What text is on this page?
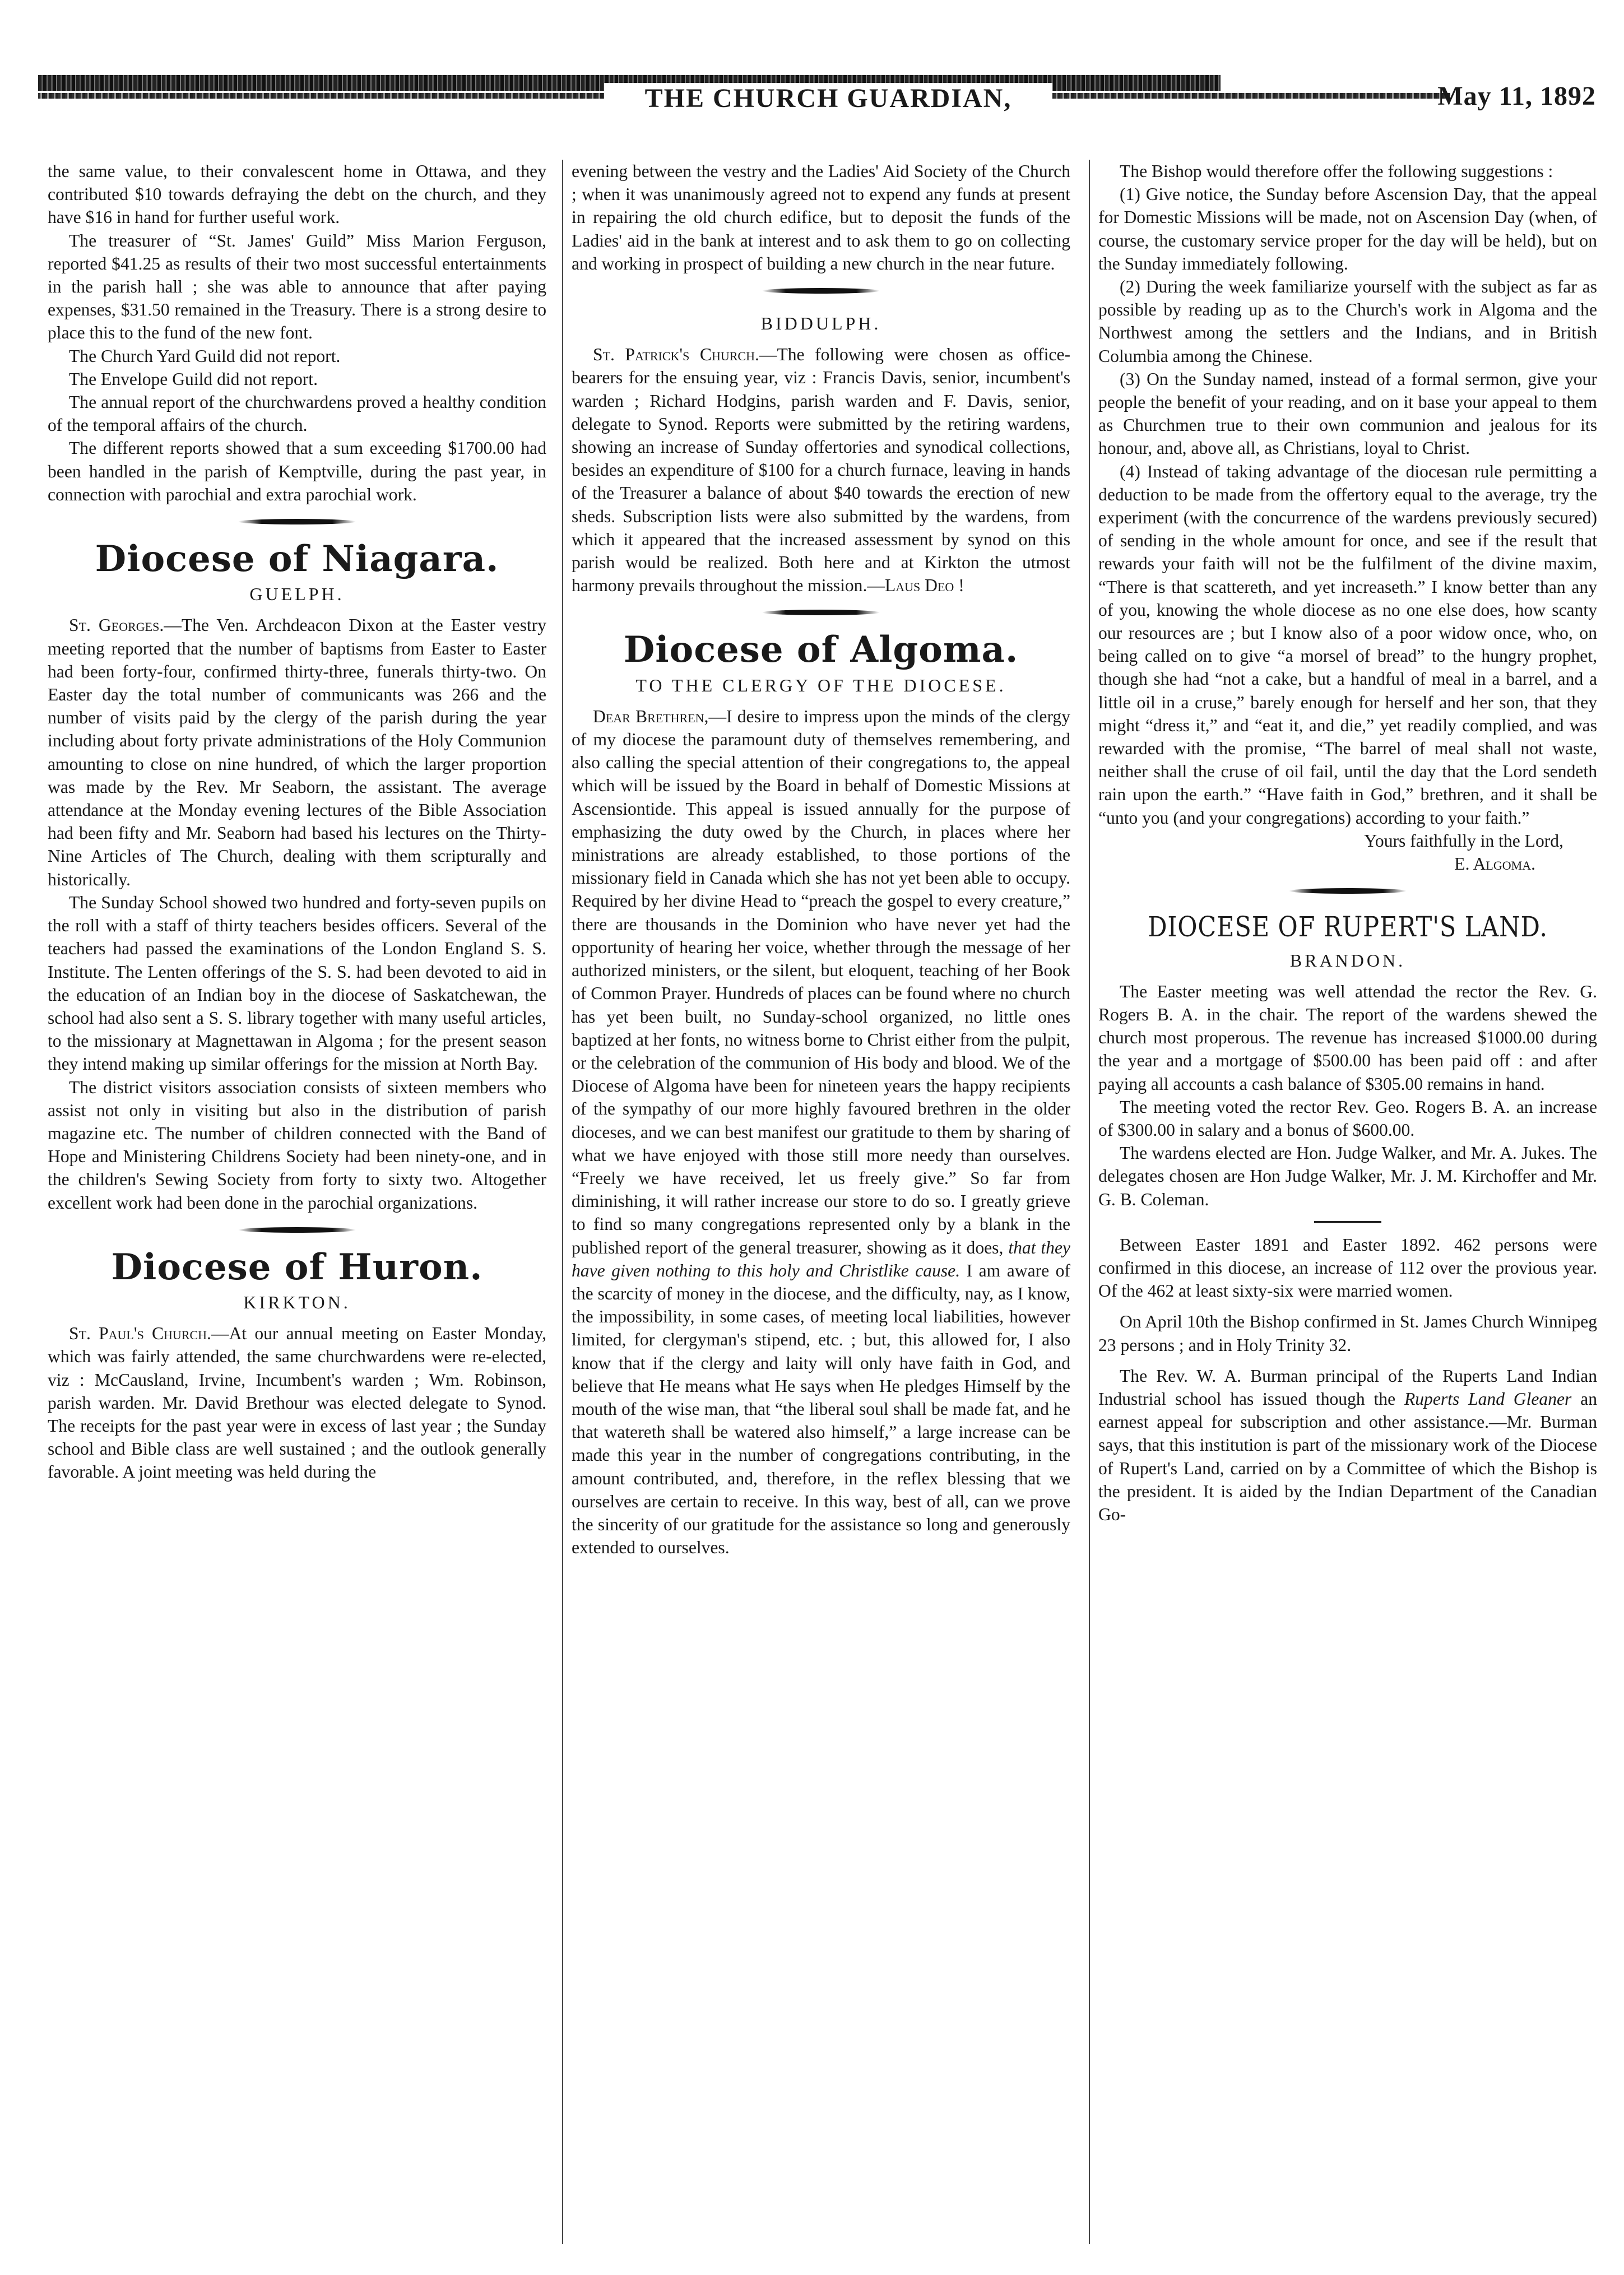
THE CHURCH GUARDIAN,	May 11, 1892

the same value, to their convalescent home in Ottawa, and they contributed $10 towards defraying the debt on the church, and they have $16 in hand for further useful work.

The treasurer of “St. James' Guild” Miss Marion Ferguson, reported $41.25 as results of their two most successful entertainments in the parish hall ; she was able to announce that after paying expenses, $31.50 remained in the Treasury. There is a strong desire to place this to the fund of the new font.

The Church Yard Guild did not report.

The Envelope Guild did not report.

The annual report of the churchwardens proved a healthy condition of the temporal affairs of the church.

The different reports showed that a sum exceeding $1700.00 had been handled in the parish of Kemptville, during the past year, in connection with parochial and extra parochial work.

Diocese of Niagara.
GUELPH.

St. Georges.—The Ven. Archdeacon Dixon at the Easter vestry meeting reported that the number of baptisms from Easter to Easter had been forty-four, confirmed thirty-three, funerals thirty-two. On Easter day the total number of communicants was 266 and the number of visits paid by the clergy of the parish during the year including about forty private administrations of the Holy Communion amounting to close on nine hundred, of which the larger proportion was made by the Rev. Mr Seaborn, the assistant. The average attendance at the Monday evening lectures of the Bible Association had been fifty and Mr. Seaborn had based his lectures on the Thirty-Nine Articles of The Church, dealing with them scripturally and historically.

The Sunday School showed two hundred and forty-seven pupils on the roll with a staff of thirty teachers besides officers. Several of the teachers had passed the examinations of the London England S. S. Institute. The Lenten offerings of the S. S. had been devoted to aid in the education of an Indian boy in the diocese of Saskatchewan, the school had also sent a S. S. library together with many useful articles, to the missionary at Magnettawan in Algoma ; for the present season they intend making up similar offerings for the mission at North Bay.

The district visitors association consists of sixteen members who assist not only in visiting but also in the distribution of parish magazine etc. The number of children connected with the Band of Hope and Ministering Childrens Society had been ninety-one, and in the children's Sewing Society from forty to sixty two. Altogether excellent work had been done in the parochial organizations.

Diocese of Huron.
KIRKTON.

St. Paul's Church.—At our annual meeting on Easter Monday, which was fairly attended, the same churchwardens were re-elected, viz : McCausland, Irvine, Incumbent's warden ; Wm. Robinson, parish warden. Mr. David Brethour was elected delegate to Synod. The receipts for the past year were in excess of last year ; the Sunday school and Bible class are well sustained ; and the outlook generally favorable. A joint meeting was held during the

evening between the vestry and the Ladies' Aid Society of the Church ; when it was unanimously agreed not to expend any funds at present in repairing the old church edifice, but to deposit the funds of the Ladies' aid in the bank at interest and to ask them to go on collecting and working in prospect of building a new church in the near future.

BIDDULPH.

St. Patrick's Church.—The following were chosen as office-bearers for the ensuing year, viz : Francis Davis, senior, incumbent's warden ; Richard Hodgins, parish warden and F. Davis, senior, delegate to Synod. Reports were submitted by the retiring wardens, showing an increase of Sunday offertories and synodical collections, besides an expenditure of $100 for a church furnace, leaving in hands of the Treasurer a balance of about $40 towards the erection of new sheds. Subscription lists were also submitted by the wardens, from which it appeared that the increased assessment by synod on this parish would be realized. Both here and at Kirkton the utmost harmony prevails throughout the mission.—Laus Deo !

Diocese of Algoma.
TO THE CLERGY OF THE DIOCESE.

Dear Brethren,—I desire to impress upon the minds of the clergy of my diocese the paramount duty of themselves remembering, and also calling the special attention of their congregations to, the appeal which will be issued by the Board in behalf of Domestic Missions at Ascensiontide. This appeal is issued annually for the purpose of emphasizing the duty owed by the Church, in places where her ministrations are already established, to those portions of the missionary field in Canada which she has not yet been able to occupy. Required by her divine Head to “preach the gospel to every creature,” there are thousands in the Dominion who have never yet had the opportunity of hearing her voice, whether through the message of her authorized ministers, or the silent, but eloquent, teaching of her Book of Common Prayer. Hundreds of places can be found where no church has yet been built, no Sunday-school organized, no little ones baptized at her fonts, no witness borne to Christ either from the pulpit, or the celebration of the communion of His body and blood. We of the Diocese of Algoma have been for nineteen years the happy recipients of the sympathy of our more highly favoured brethren in the older dioceses, and we can best manifest our gratitude to them by sharing of what we have enjoyed with those still more needy than ourselves. “Freely we have received, let us freely give.” So far from diminishing, it will rather increase our store to do so. I greatly grieve to find so many congregations represented only by a blank in the published report of the general treasurer, showing as it does, that they have given nothing to this holy and Christlike cause. I am aware of the scarcity of money in the diocese, and the difficulty, nay, as I know, the impossibility, in some cases, of meeting local liabilities, however limited, for clergyman's stipend, etc. ; but, this allowed for, I also know that if the clergy and laity will only have faith in God, and believe that He means what He says when He pledges Himself by the mouth of the wise man, that “the liberal soul shall be made fat, and he that watereth shall be watered also himself,” a large increase can be made this year in the number of congregations contributing, in the amount contributed, and, therefore, in the reflex blessing that we ourselves are certain to receive. In this way, best of all, can we prove the sincerity of our gratitude for the assistance so long and generously extended to ourselves.

The Bishop would therefore offer the following suggestions :

(1) Give notice, the Sunday before Ascension Day, that the appeal for Domestic Missions will be made, not on Ascension Day (when, of course, the customary service proper for the day will be held), but on the Sunday immediately following.

(2) During the week familiarize yourself with the subject as far as possible by reading up as to the Church's work in Algoma and the Northwest among the settlers and the Indians, and in British Columbia among the Chinese.

(3) On the Sunday named, instead of a formal sermon, give your people the benefit of your reading, and on it base your appeal to them as Churchmen true to their own communion and jealous for its honour, and, above all, as Christians, loyal to Christ.

(4) Instead of taking advantage of the diocesan rule permitting a deduction to be made from the offertory equal to the average, try the experiment (with the concurrence of the wardens previously secured) of sending in the whole amount for once, and see if the result that rewards your faith will not be the fulfilment of the divine maxim, “There is that scattereth, and yet increaseth.” I know better than any of you, knowing the whole diocese as no one else does, how scanty our resources are ; but I know also of a poor widow once, who, on being called on to give “a morsel of bread” to the hungry prophet, though she had “not a cake, but a handful of meal in a barrel, and a little oil in a cruse,” barely enough for herself and her son, that they might “dress it,” and “eat it, and die,” yet readily complied, and was rewarded with the promise, “The barrel of meal shall not waste, neither shall the cruse of oil fail, until the day that the Lord sendeth rain upon the earth.” “Have faith in God,” brethren, and it shall be “unto you (and your congregations) according to your faith.”

Yours faithfully in the Lord,

E. Algoma.

DIOCESE OF RUPERT'S LAND.
BRANDON.

The Easter meeting was well attendad the rector the Rev. G. Rogers B. A. in the chair. The report of the wardens shewed the church most properous. The revenue has increased $1000.00 during the year and a mortgage of $500.00 has been paid off : and after paying all accounts a cash balance of $305.00 remains in hand.

The meeting voted the rector Rev. Geo. Rogers B. A. an increase of $300.00 in salary and a bonus of $600.00.

The wardens elected are Hon. Judge Walker, and Mr. A. Jukes. The delegates chosen are Hon Judge Walker, Mr. J. M. Kirchoffer and Mr. G. B. Coleman.

Between Easter 1891 and Easter 1892. 462 persons were confirmed in this diocese, an increase of 112 over the provious year. Of the 462 at least sixty-six were married women.

On April 10th the Bishop confirmed in St. James Church Winnipeg 23 persons ; and in Holy Trinity 32.

The Rev. W. A. Burman principal of the Ruperts Land Indian Industrial school has issued though the Ruperts Land Gleaner an earnest appeal for subscription and other assistance.—Mr. Burman says, that this institution is part of the missionary work of the Diocese of Rupert's Land, carried on by a Committee of which the Bishop is the president. It is aided by the Indian Department of the Canadian Go-
